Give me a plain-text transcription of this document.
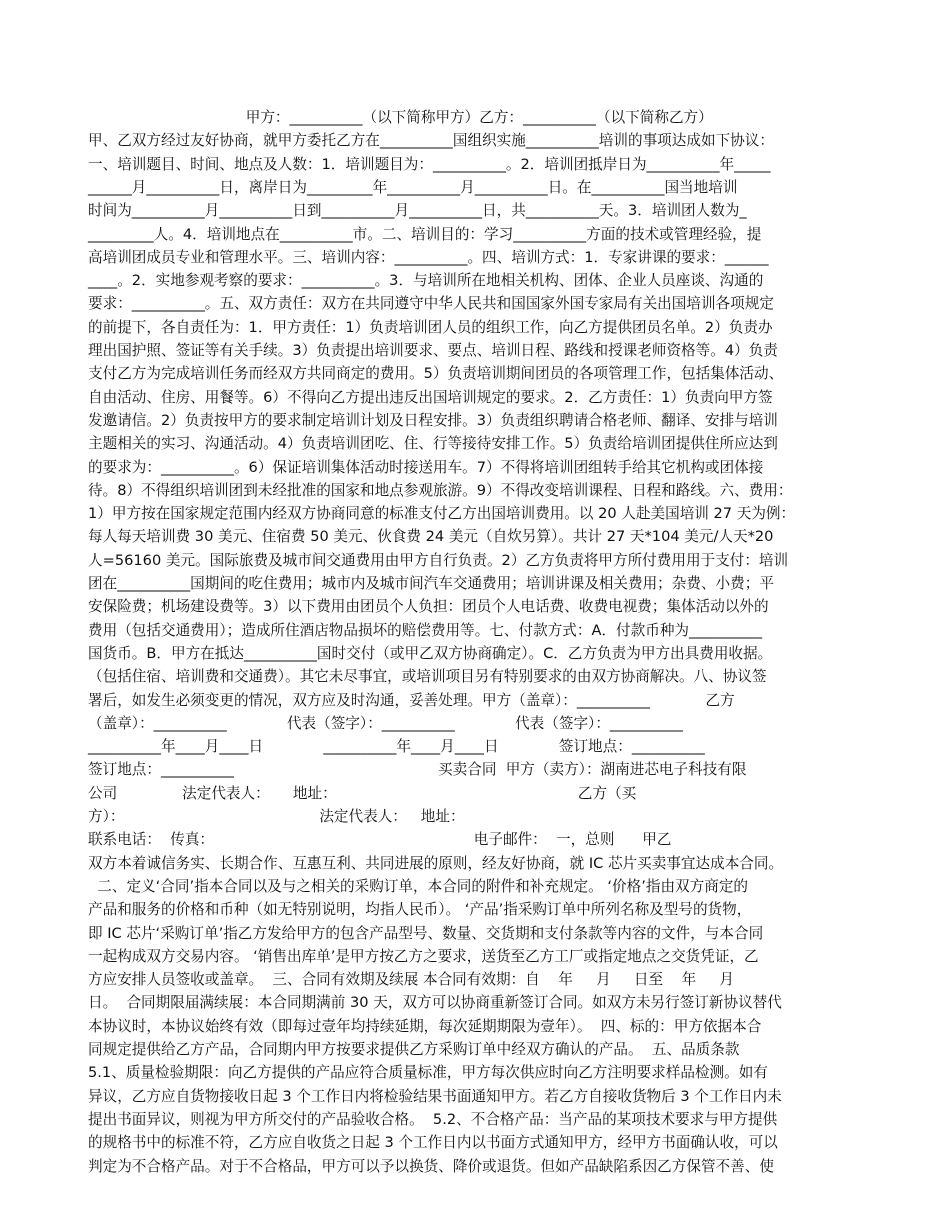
甲方：__________（以下简称甲方）乙方：__________（以下简称乙方）
甲、乙双方经过友好协商，就甲方委托乙方在__________国组织实施__________培训的事项达成如下协议：
一、培训题目、时间、地点及人数：1．培训题目为：__________。2．培训团抵岸日为__________年_____
______月__________日，离岸日为_________年__________月__________日。在__________国当地培训
时间为__________月__________日到__________月__________日，共__________天。3．培训团人数为_
_________人。4．培训地点在__________市。二、培训目的：学习__________方面的技术或管理经验，提
高培训团成员专业和管理水平。三、培训内容：__________。四、培训方式：1．专家讲课的要求：______
____。2．实地参观考察的要求：__________。3．与培训所在地相关机构、团体、企业人员座谈、沟通的
要求：__________。五、双方责任：双方在共同遵守中华人民共和国国家外国专家局有关出国培训各项规定
的前提下，各自责任为：1．甲方责任：1）负责培训团人员的组织工作，向乙方提供团员名单。2）负责办
理出国护照、签证等有关手续。3）负责提出培训要求、要点、培训日程、路线和授课老师资格等。4）负责
支付乙方为完成培训任务而经双方共同商定的费用。5）负责培训期间团员的各项管理工作，包括集体活动、
自由活动、住房、用餐等。6）不得向乙方提出违反出国培训规定的要求。2．乙方责任：1）负责向甲方签
发邀请信。2）负责按甲方的要求制定培训计划及日程安排。3）负责组织聘请合格老师、翻译、安排与培训
主题相关的实习、沟通活动。4）负责培训团吃、住、行等接待安排工作。5）负责给培训团提供住所应达到
的要求为：__________。6）保证培训集体活动时接送用车。7）不得将培训团组转手给其它机构或团体接
待。8）不得组织培训团到未经批准的国家和地点参观旅游。9）不得改变培训课程、日程和路线。六、费用：
1）甲方按在国家规定范围内经双方协商同意的标准支付乙方出国培训费用。以 20 人赴美国培训 27 天为例：
每人每天培训费 30 美元、住宿费 50 美元、伙食费 24 美元（自炊另算）。共计 27 天*104 美元/人天*20
人=56160 美元。国际旅费及城市间交通费用由甲方自行负责。2）乙方负责将甲方所付费用用于支付：培训
团在__________国期间的吃住费用；城市内及城市间汽车交通费用；培训讲课及相关费用；杂费、小费；平
安保险费；机场建设费等。3）以下费用由团员个人负担：团员个人电话费、收费电视费；集体活动以外的
费用（包括交通费用）；造成所住酒店物品损坏的赔偿费用等。七、付款方式：A．付款币种为__________
国货币。B．甲方在抵达__________国时交付（或甲乙双方协商确定）。C．乙方负责为甲方出具费用收据。
（包括住宿、培训费和交通费）。其它未尽事宜，或培训项目另有特别要求的由双方协商解决。八、协议签
署后，如发生必须变更的情况，双方应及时沟通，妥善处理。甲方（盖章）：__________            乙方
（盖章）：__________             代表（签字）：__________             代表（签字）：__________
__________年____月____日             __________年____月____日             签订地点：__________
签订地点：__________                                            买卖合同  甲方（卖方）：湖南进芯电子科技有限
公司              法定代表人：     地址：                                                    乙方（买
方）：                                          法定代表人：   地址：
联系电话：  传真：                                                        电子邮件：  一，总则      甲乙
双方本着诚信务实、长期合作、互惠互利、共同进展的原则，经友好协商，就 IC 芯片买卖事宜达成本合同。
二、定义‘合同’指本合同以及与之相关的采购订单，本合同的附件和补充规定。 ‘价格’指由双方商定的
产品和服务的价格和币种（如无特别说明，均指人民币）。 ‘产品’指采购订单中所列名称及型号的货物，
即 IC 芯片‘采购订单’指乙方发给甲方的包含产品型号、数量、交货期和支付条款等内容的文件，与本合同
一起构成双方交易内容。 ‘销售出库单’是甲方按乙方之要求，送货至乙方工厂或指定地点之交货凭证，乙
方应安排人员签收或盖章。  三、合同有效期及续展 本合同有效期：自    年     月     日至    年     月
日。  合同期限届满续展：本合同期满前 30 天，双方可以协商重新签订合同。如双方未另行签订新协议替代
本协议时，本协议始终有效（即每过壹年均持续延期，每次延期期限为壹年）。  四、标的：甲方依据本合
同规定提供给乙方产品，合同期内甲方按要求提供乙方采购订单中经双方确认的产品。  五、品质条款
5.1、质量检验期限：向乙方提供的产品应符合质量标准，甲方每次供应时向乙方注明要求样品检测。如有
异议，乙方应自货物接收日起 3 个工作日内将检验结果书面通知甲方。若乙方自接收货物后 3 个工作日内未
提出书面异议，则视为甲方所交付的产品验收合格。  5.2、不合格产品：当产品的某项技术要求与甲方提供
的规格书中的标准不符，乙方应自收货之日起 3 个工作日内以书面方式通知甲方，经甲方书面确认收，可以
判定为不合格产品。对于不合格品，甲方可以予以换货、降价或退货。但如产品缺陷系因乙方保管不善、使
